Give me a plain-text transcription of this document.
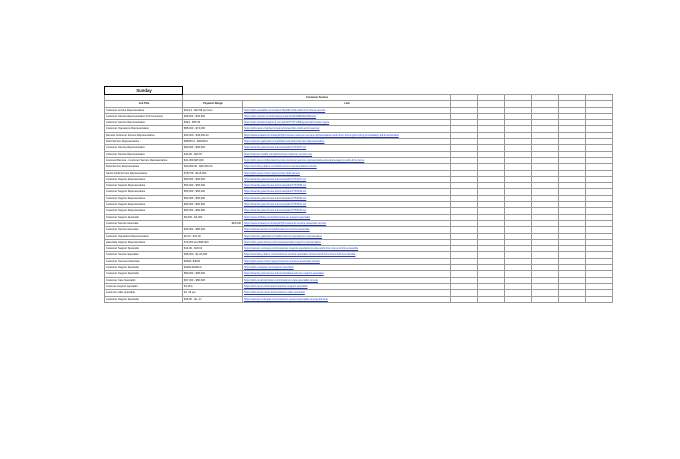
Sunday								
	Customer Service							
Job Title	Payment Range	Link						
Customer service Representative	$20.14 - $24.58 per hour	https://jobs.workable.com/view/vT3oe9fLnVsk-work-from-home-remote						
Customer Service Representative (US Insurance)	$28,000 - $32,000	https://jobs.jobvite.com/thevalorgroup/job/oMJH8fw9kGtBpwnp						
Customer Service Representative	$449 - $55.39	https://jobs.jobsleveraginmg.com/job/3077971-Bilingual-Call-Center-Agent						
Customer Operations Representative	$58,000 - $74,000	https://jobs.lever.co/jobs/company/CareerOps-Gwinnett-Customer						
Remote Customer Service Representative	$40,000 - $46,000.00	https://www.indeed.com/viewjob?jk=remote-customer-service-representative-work-from-home-jobs-hiring-immediately-full-time-benefits						
Field Service Representative	$56000.0 - $60000.0	https://careers.gainwell.com/job/Remote-Field-Service-Representative						
Customer Service Representative	$50,000 - $56,000	https://boards.greenhouse.io/remote/jobs/7701537-csr						
Customer Service Representative	$19.00 - $20.57	https://careers.health.com/job/remote-customer-service-rep						
Licensed Remote - Customer Service Representative	$41,000-$45,000	https://jobs.lever.co/licensed-remote-customer-service-representative-insurance-agency-work-from-home						
Field Service Representative	$40,000.00 - $60,000.00	https://recruiting.ultipro.com/field-service-representative-remote						
Senior Field Service Representative	$78,705 - $115,000	https://jobs.lever.co/company/senior-field-service						
Customer Support Representative	$50,000 - $56,000	https://boards.greenhouse.io/remote/jobs/7701537-csr						
Customer Support Representative	$50,000 - $56,000	https://boards.greenhouse.io/remote/jobs/7701538-csr						
Customer Support Representative	$50,000 - $56,000	https://boards.greenhouse.io/remote/jobs/7701539-csr						
Customer Support Representative	$50,000 - $56,000	https://boards.greenhouse.io/remote/jobs/7701540-csr						
Customer Support Representative	$50,000 - $56,000	https://boards.greenhouse.io/remote/jobs/7701541-csr						
Customer Support Representative	$50,000 - $56,000	https://boards.greenhouse.io/remote/jobs/7701542-csr						
Customer Support Specialist	$3,000 - $4,000	https://www.shiftkey.com/jobs/customer-support-specialist						
Customer Service Associate	$53,000	https://www.indeed.com/viewjob?jk=customer-service-associate-remote						
Customer Service Associate	$35,000 - $85,000	https://careers.acme.com/job/customer-service-associate						
Customer Operations Representative	$2.00 - $14.00	https://careers.gainwell.com/job/customer-operations-representative						
Associate Support Representative	$70,000 and $95,000	https://jobs.greenhouse.io/remote/associate-support-representative						
Customer Support Specialist	$16.00 - $16.63	https://careers.company.com/customer-support-specialist-remote-work-from-home-full-time-benefits						
Customer Service Specialist	$36,000 - $1,00,000	https://recruiting.ultipro.com/customer-service-specialist-remote-work-from-home-full-time-flexible						
Customer Success Associate	$3000- $4000	https://jobs.lever.co/company/customer-success-associate-remote						
Customer Support Specialist	$3000-$4000.0	https://jobs.example.com/support-specialist						
Customer Support Specialist	$80,000 - $95,000	https://boards.greenhouse.io/remote/jobs/customer-support-specialist						
Customer Care Specialist	$67,000 - $80,000	https://jobs.smartrecruiters.com/customer-care-specialist-remote						
customer support specialist	$1.25 k	https://jobs.lever.co/remote/customer-support-specialist						
customer order specialist	$1. 25 per	https://jobs.lever.co/remote/customer-order-specialist						
Customer Support Specialist	$18.00 - $1-.17	https://careers.example.com/customer-support-specialist-remote-full-time						
